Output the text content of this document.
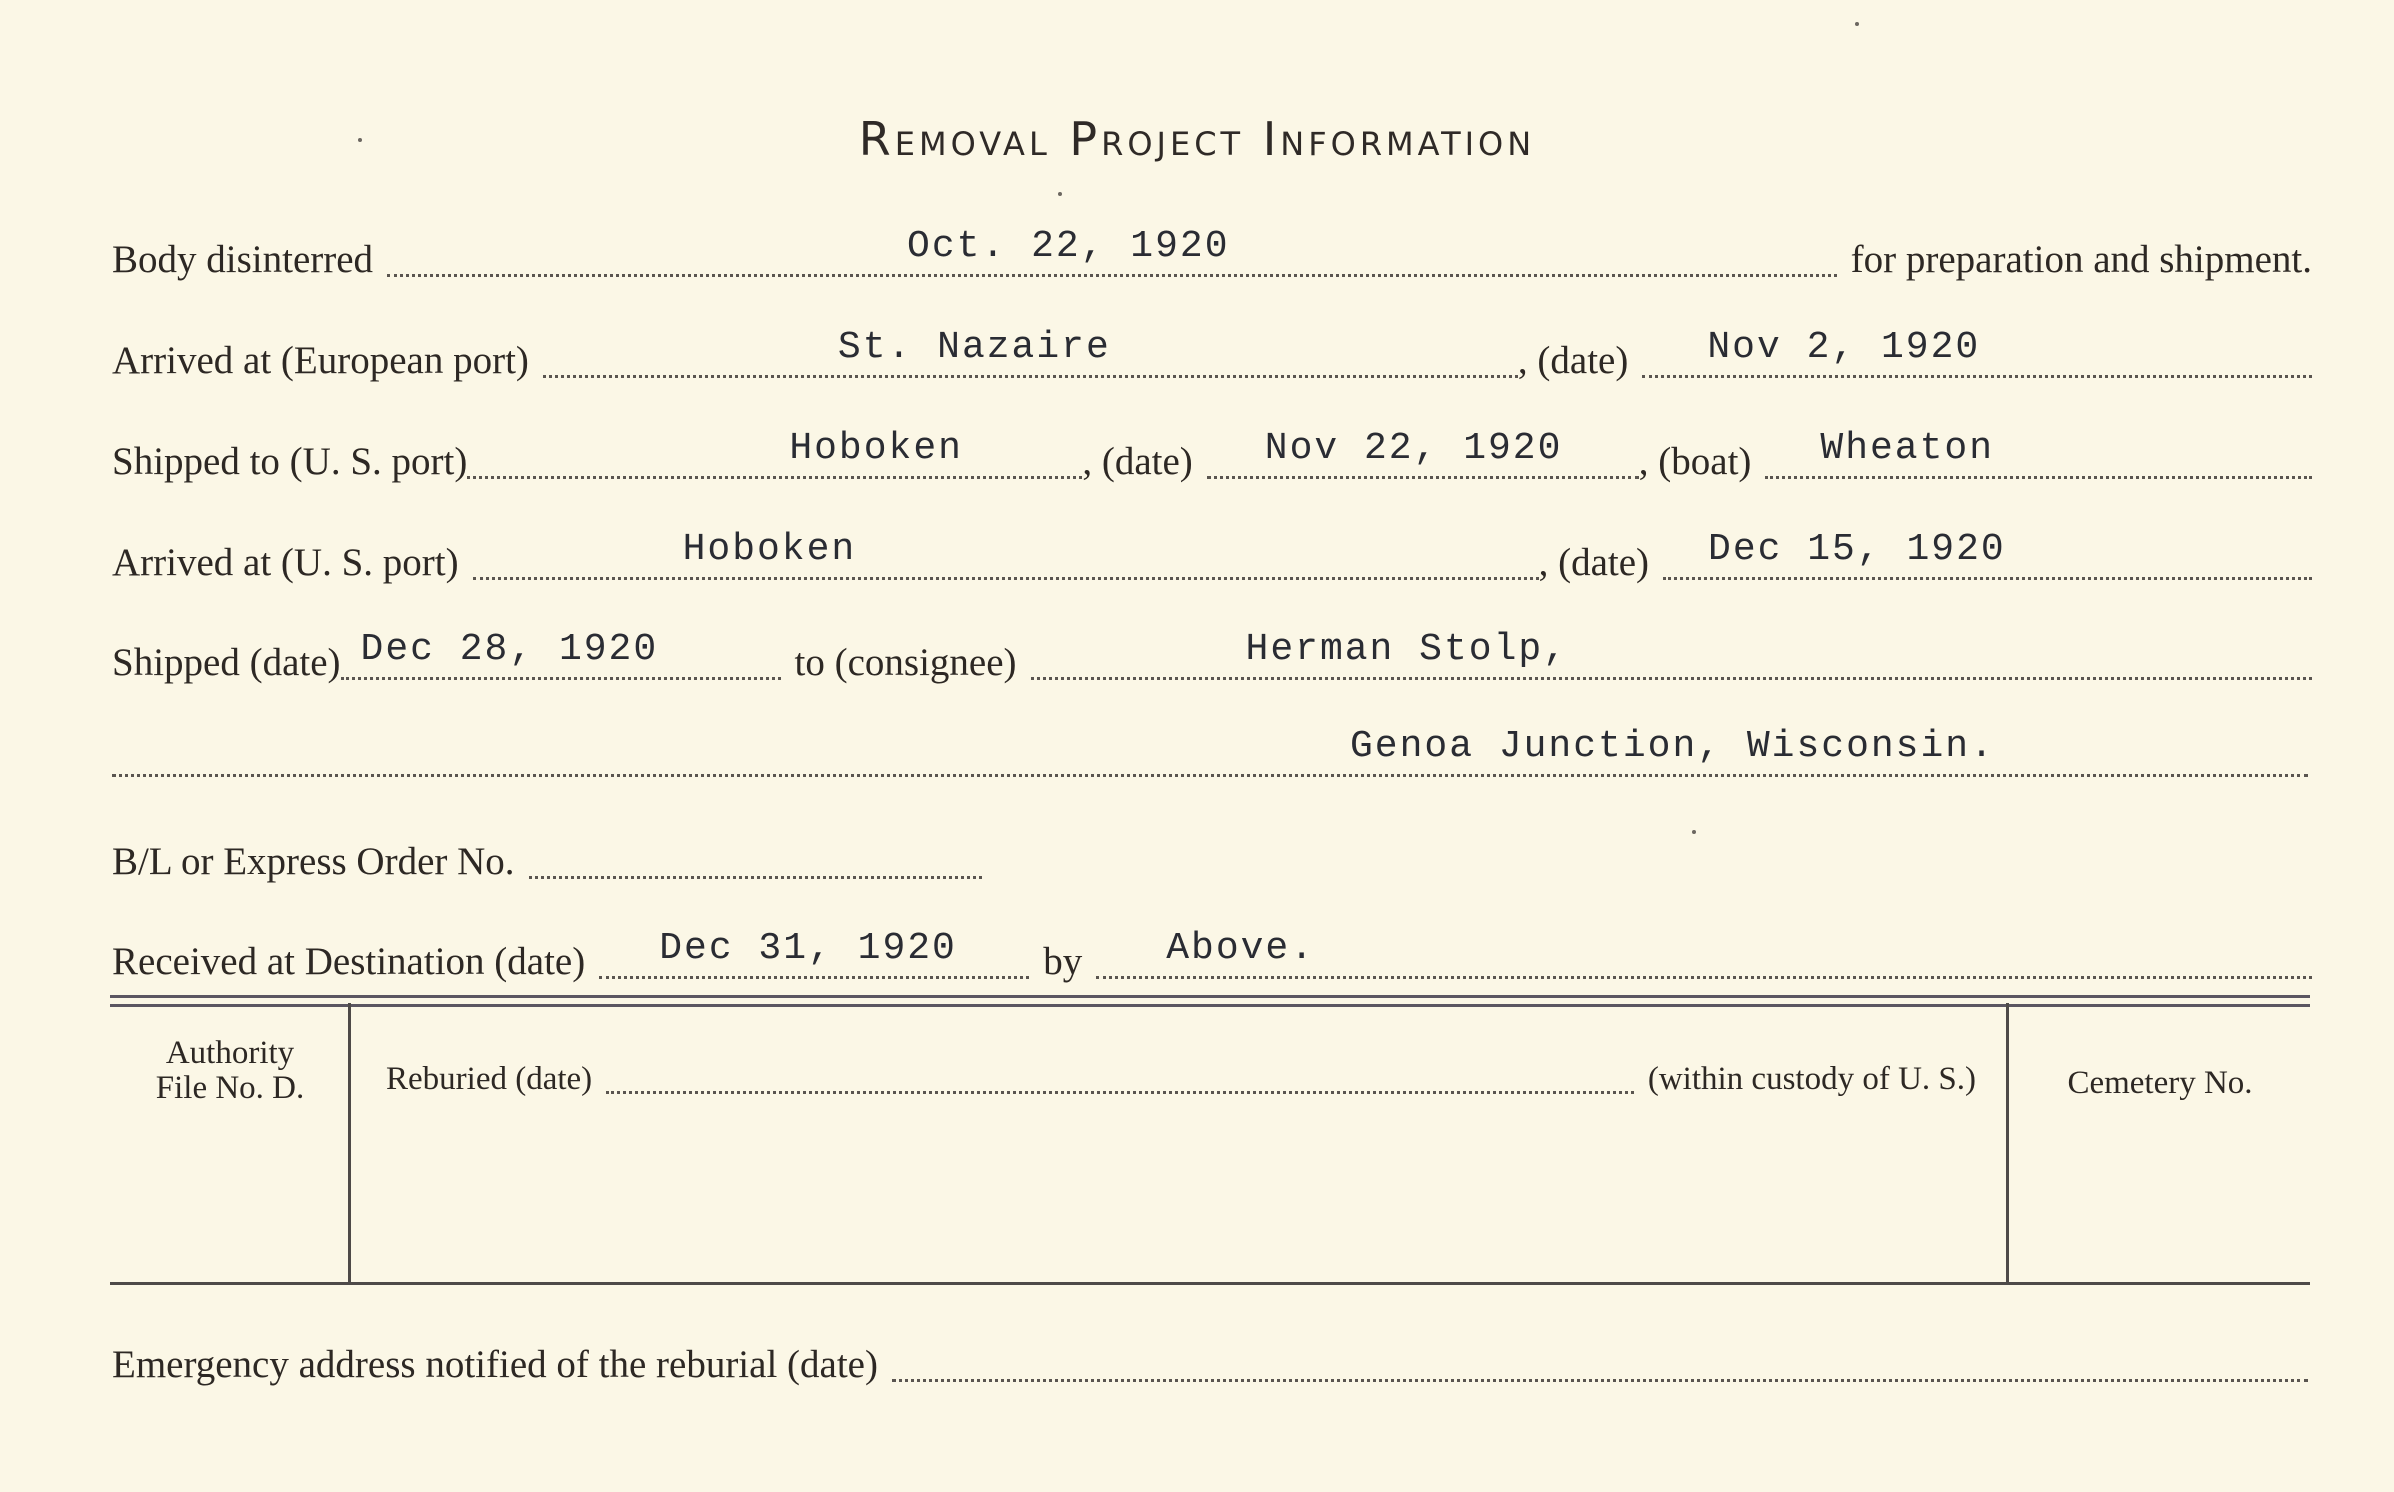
Removal Project Information
Body disinterred	Oct. 22, 1920	for preparation and shipment.
Arrived at (European port)	St. Nazaire	, (date) Nov 2, 1920
Shipped to (U. S. port)	Hoboken	, (date) Nov 22, 1920 , (boat) Wheaton
Arrived at (U. S. port)	Hoboken	, (date) Dec 15, 1920
Shipped (date) Dec 28, 1920	to (consignee)	Herman Stolp,
Genoa Junction, Wisconsin.
B/L or Express Order No.
Received at Destination (date) Dec 31, 1920 by Above.
Authority
File No. D.	Reburied (date)	(within custody of U. S.)	Cemetery No.
Emergency address notified of the reburial (date)
